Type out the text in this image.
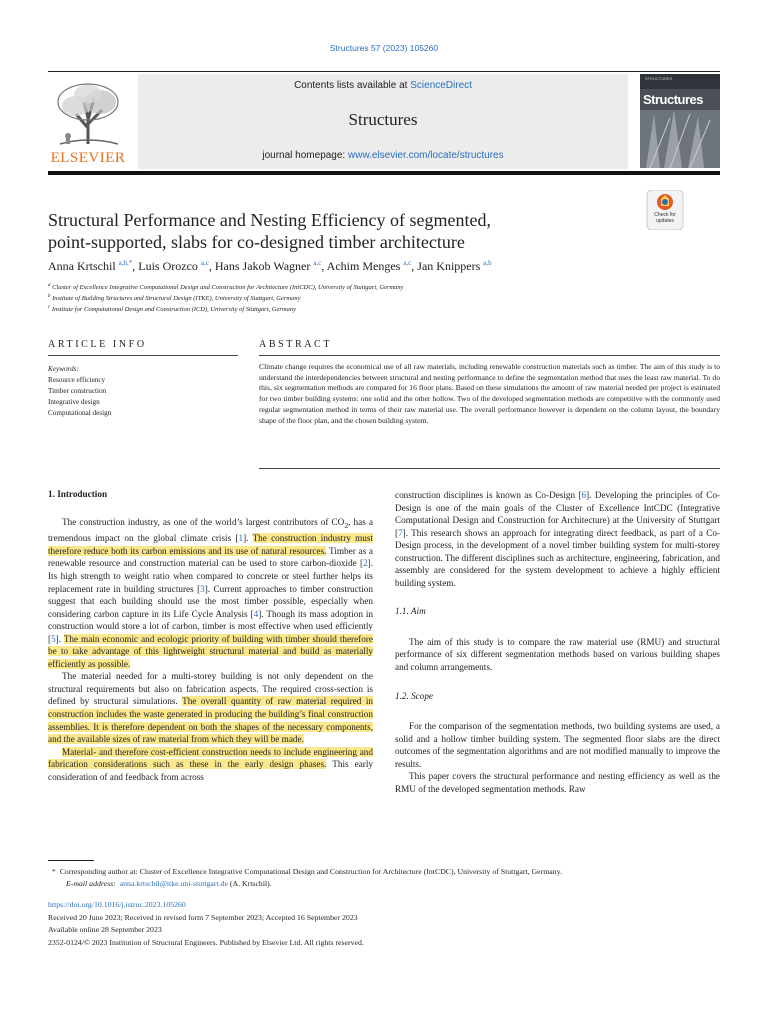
Structures 57 (2023) 105260
ELSEVIER
Contents lists available at ScienceDirect
Structures
journal homepage: www.elsevier.com/locate/structures
STRUCTURES
Structures
Check for updates
Structural Performance and Nesting Efficiency of segmented,
point-supported, slabs for co-designed timber architecture
Anna Krtschil $^{a,b,*}$, Luis Orozco $^{a,c}$, Hans Jakob Wagner $^{a,c}$, Achim Menges $^{a,c}$, Jan Knippers $^{a,b}$
$^a$ Cluster of Excellence Integrative Computational Design and Construction for Architecture (IntCDC), University of Stuttgart, Germany
$^b$ Institute of Building Structures and Structural Design (ITKE), University of Stuttgart, Germany
$^c$ Institute for Computational Design and Construction (ICD), University of Stuttgart, Germany
ARTICLE INFO
Keywords:
Resource efficiency
Timber construction
Integrative design
Computational design
ABSTRACT
Climate change requires the economical use of all raw materials, including renewable construction materials such as timber. The aim of this study is to understand the interdependencies between structural and nesting performance to define the segmentation method that uses the least raw material. To do this, six segmentation methods are compared for 16 floor plans. Based on these simulations the amount of raw material needed per project is estimated for two timber building systems: one solid and the other hollow. Two of the developed segmentation methods are competitive with the commonly used regular segmentation method in terms of their raw material use. The overall performance however is dependent on the column layout, the boundary shape of the floor plan, and the chosen building system.
1. Introduction

The construction industry, as one of the world’s largest contributors of $CO_2$, has a tremendous impact on the global climate crisis [1]. The construction industry must therefore reduce both its carbon emissions and its use of natural resources. Timber as a renewable resource and construction material can be used to store carbon-dioxide [2]. Its high strength to weight ratio when compared to concrete or steel further helps its replacement rate in building structures [3]. Current approaches to timber construction suggest that each building should use the most timber possible, especially when considering carbon capture in its Life Cycle Analysis [4]. Though its mass adoption in construction would store a lot of carbon, timber is most effective when used efficiently [5]. The main economic and ecologic priority of building with timber should therefore be to take advantage of this lightweight structural material and build as materially efficiently as possible.

The material needed for a multi-storey building is not only dependent on the structural requirements but also on fabrication aspects. The required cross-section is defined by structural simulations. The overall quantity of raw material required in construction includes the waste generated in producing the building’s final construction assemblies. It is therefore dependent on both the shapes of the necessary components, and the available sizes of raw material from which they will be made.

Material- and therefore cost-efficient construction needs to include engineering and fabrication considerations such as these in the early design phases. This early consideration of and feedback from across

construction disciplines is known as Co-Design [6]. Developing the principles of Co-Design is one of the main goals of the Cluster of Excellence IntCDC (Integrative Computational Design and Construction for Architecture) at the University of Stuttgart [7]. This research shows an approach for integrating direct feedback, as part of a Co-Design process, in the development of a novel timber building system for multi-storey construction. The different disciplines such as architecture, engineering, fabrication, and assembly are considered for the system development to achieve a highly efficient building system.

1.1. Aim

The aim of this study is to compare the raw material use (RMU) and structural performance of six different segmentation methods based on various building shapes and column arrangements.

1.2. Scope

For the comparison of the segmentation methods, two building systems are used, a solid and a hollow timber building system. The segmented floor slabs are the direct outcomes of the segmentation algorithms and are not modified manually to improve the results.

This paper covers the structural performance and nesting efficiency as well as the RMU of the developed segmentation methods. Raw

* Corresponding author at: Cluster of Excellence Integrative Computational Design and Construction for Architecture (IntCDC), University of Stuttgart, Germany.
E-mail address: anna.krtschil@itke.uni-stuttgart.de (A. Krtschil).
https://doi.org/10.1016/j.istruc.2023.105260
Received 20 June 2023; Received in revised form 7 September 2023; Accepted 16 September 2023
Available online 28 September 2023
2352-0124/© 2023 Institution of Structural Engineers. Published by Elsevier Ltd. All rights reserved.
